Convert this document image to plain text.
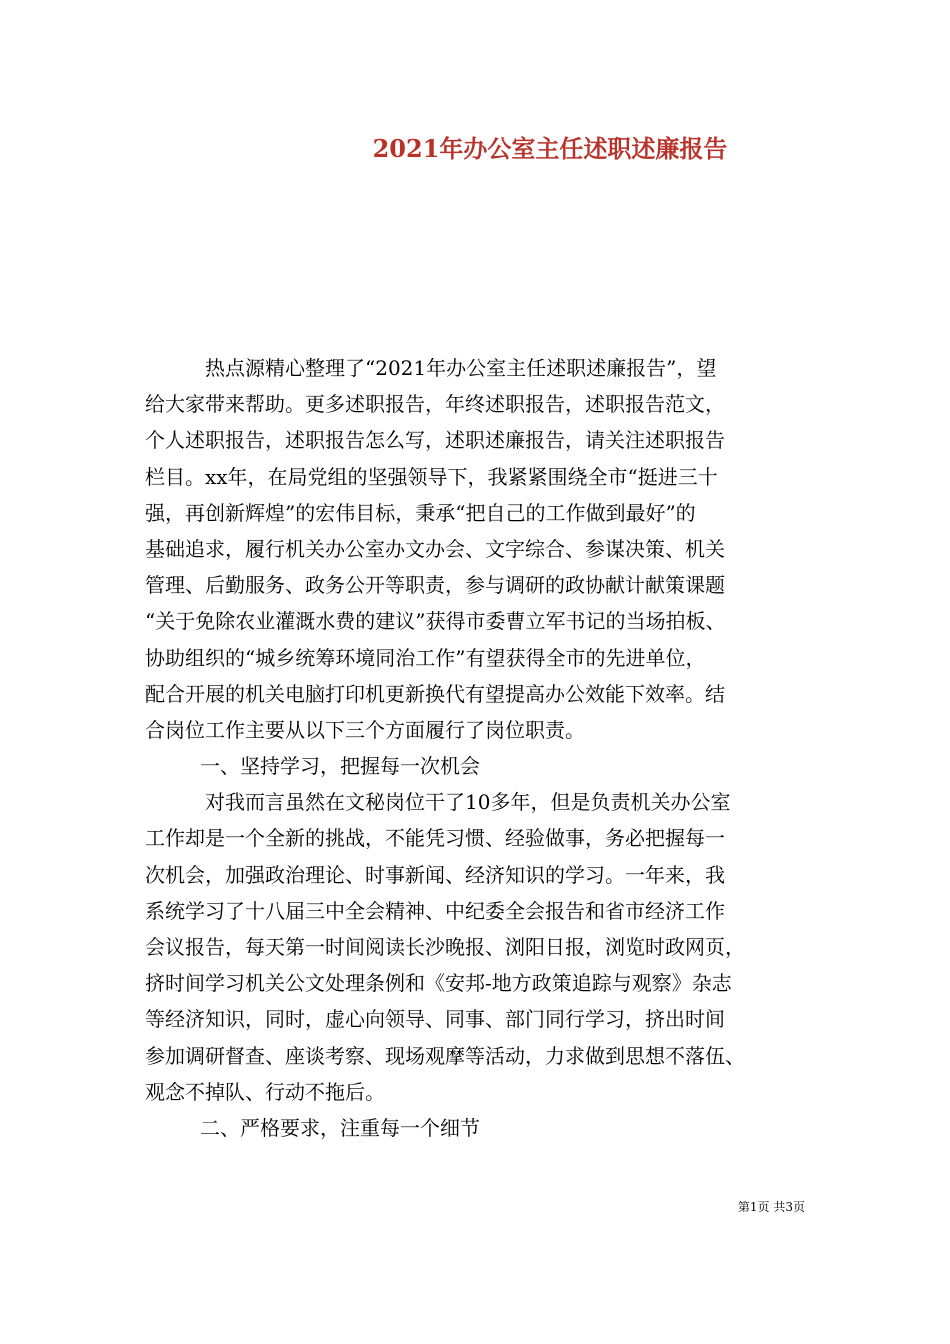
2021年办公室主任述职述廉报告
热点源精心整理了“2021年办公室主任述职述廉报告”，望
给大家带来帮助。更多述职报告，年终述职报告，述职报告范文，
个人述职报告，述职报告怎么写，述职述廉报告，请关注述职报告
栏目。xx年，在局党组的坚强领导下，我紧紧围绕全市“挺进三十
强，再创新辉煌”的宏伟目标，秉承“把自己的工作做到最好”的
基础追求，履行机关办公室办文办会、文字综合、参谋决策、机关
管理、后勤服务、政务公开等职责，参与调研的政协献计献策课题
“关于免除农业灌溉水费的建议”获得市委曹立军书记的当场拍板、
协助组织的“城乡统筹环境同治工作”有望获得全市的先进单位，
配合开展的机关电脑打印机更新换代有望提高办公效能下效率。结
合岗位工作主要从以下三个方面履行了岗位职责。
一、坚持学习，把握每一次机会
对我而言虽然在文秘岗位干了10多年，但是负责机关办公室
工作却是一个全新的挑战，不能凭习惯、经验做事，务必把握每一
次机会，加强政治理论、时事新闻、经济知识的学习。一年来，我
系统学习了十八届三中全会精神、中纪委全会报告和省市经济工作
会议报告，每天第一时间阅读长沙晚报、浏阳日报，浏览时政网页，
挤时间学习机关公文处理条例和《安邦-地方政策追踪与观察》杂志
等经济知识，同时，虚心向领导、同事、部门同行学习，挤出时间
参加调研督查、座谈考察、现场观摩等活动，力求做到思想不落伍、
观念不掉队、行动不拖后。
二、严格要求，注重每一个细节
第1页 共3页
